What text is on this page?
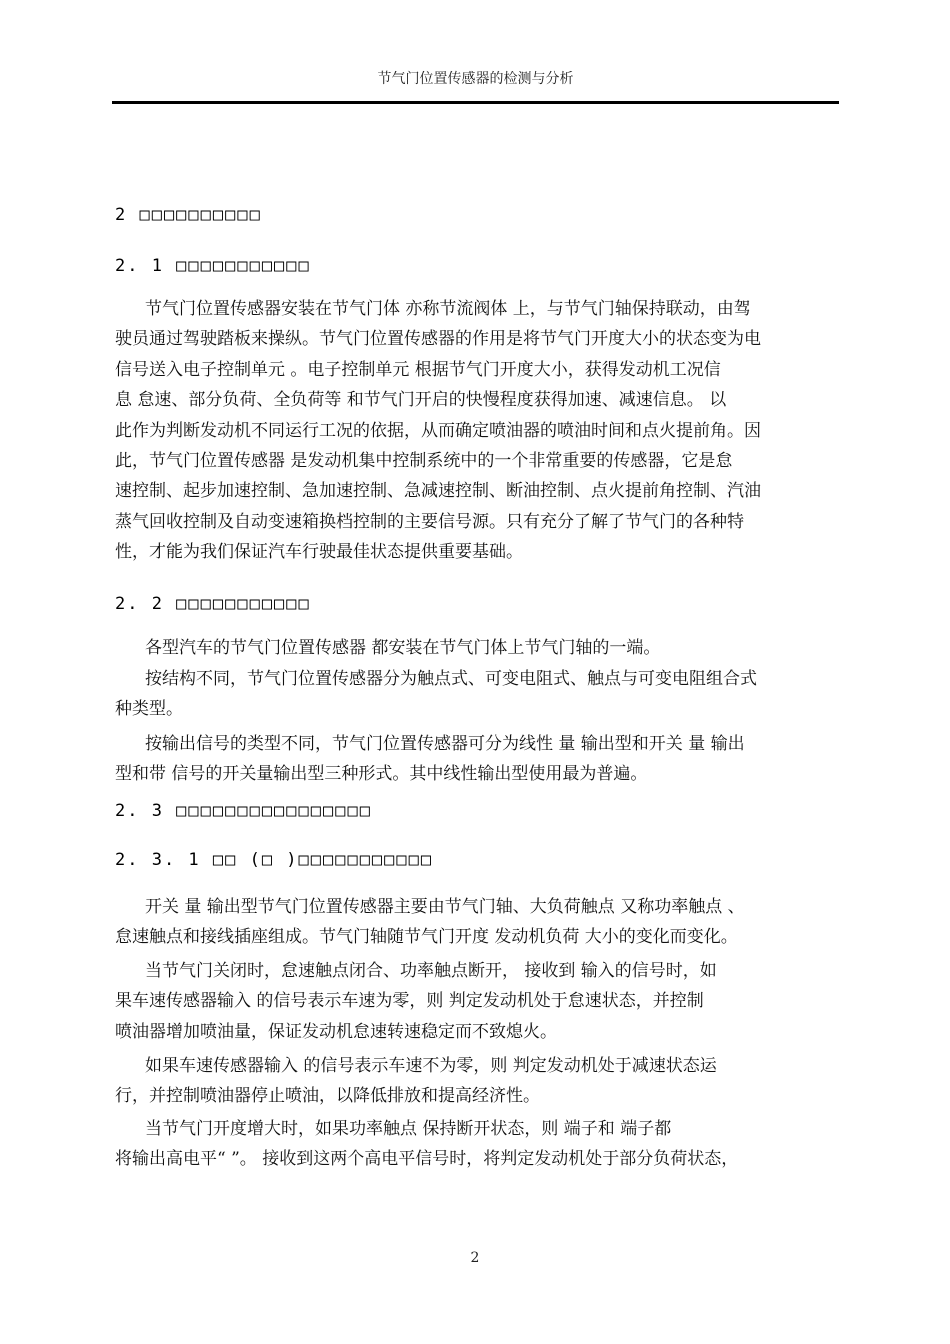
节气门位置传感器的检测与分析
2 □□□□□□□□□□
2. 1 □□□□□□□□□□□
节气门位置传感器安装在节气门体 亦称节流阀体 上，与节气门轴保持联动，由驾
驶员通过驾驶踏板来操纵。节气门位置传感器的作用是将节气门开度大小的状态变为电
信号送入电子控制单元 。电子控制单元 根据节气门开度大小，获得发动机工况信
息 怠速、部分负荷、全负荷等 和节气门开启的快慢程度获得加速、减速信息。 以
此作为判断发动机不同运行工况的依据，从而确定喷油器的喷油时间和点火提前角。因
此，节气门位置传感器 是发动机集中控制系统中的一个非常重要的传感器，它是怠
速控制、起步加速控制、急加速控制、急减速控制、断油控制、点火提前角控制、汽油
蒸气回收控制及自动变速箱换档控制的主要信号源。只有充分了解了节气门的各种特
性，才能为我们保证汽车行驶最佳状态提供重要基础。
2. 2 □□□□□□□□□□□
各型汽车的节气门位置传感器 都安装在节气门体上节气门轴的一端。
按结构不同，节气门位置传感器分为触点式、可变电阻式、触点与可变电阻组合式
种类型。
按输出信号的类型不同，节气门位置传感器可分为线性 量 输出型和开关 量 输出
型和带 信号的开关量输出型三种形式。其中线性输出型使用最为普遍。
2. 3 □□□□□□□□□□□□□□□□
2. 3. 1 □□ (□ )□□□□□□□□□□□
开关 量 输出型节气门位置传感器主要由节气门轴、大负荷触点 又称功率触点 、
怠速触点和接线插座组成。节气门轴随节气门开度 发动机负荷 大小的变化而变化。
当节气门关闭时，怠速触点闭合、功率触点断开， 接收到 输入的信号时，如
果车速传感器输入 的信号表示车速为零，则 判定发动机处于怠速状态，并控制
喷油器增加喷油量，保证发动机怠速转速稳定而不致熄火。
如果车速传感器输入 的信号表示车速不为零，则 判定发动机处于减速状态运
行，并控制喷油器停止喷油，以降低排放和提高经济性。
当节气门开度增大时，如果功率触点 保持断开状态，则 端子和 端子都
将输出高电平“ ”。 接收到这两个高电平信号时，将判定发动机处于部分负荷状态，
2
